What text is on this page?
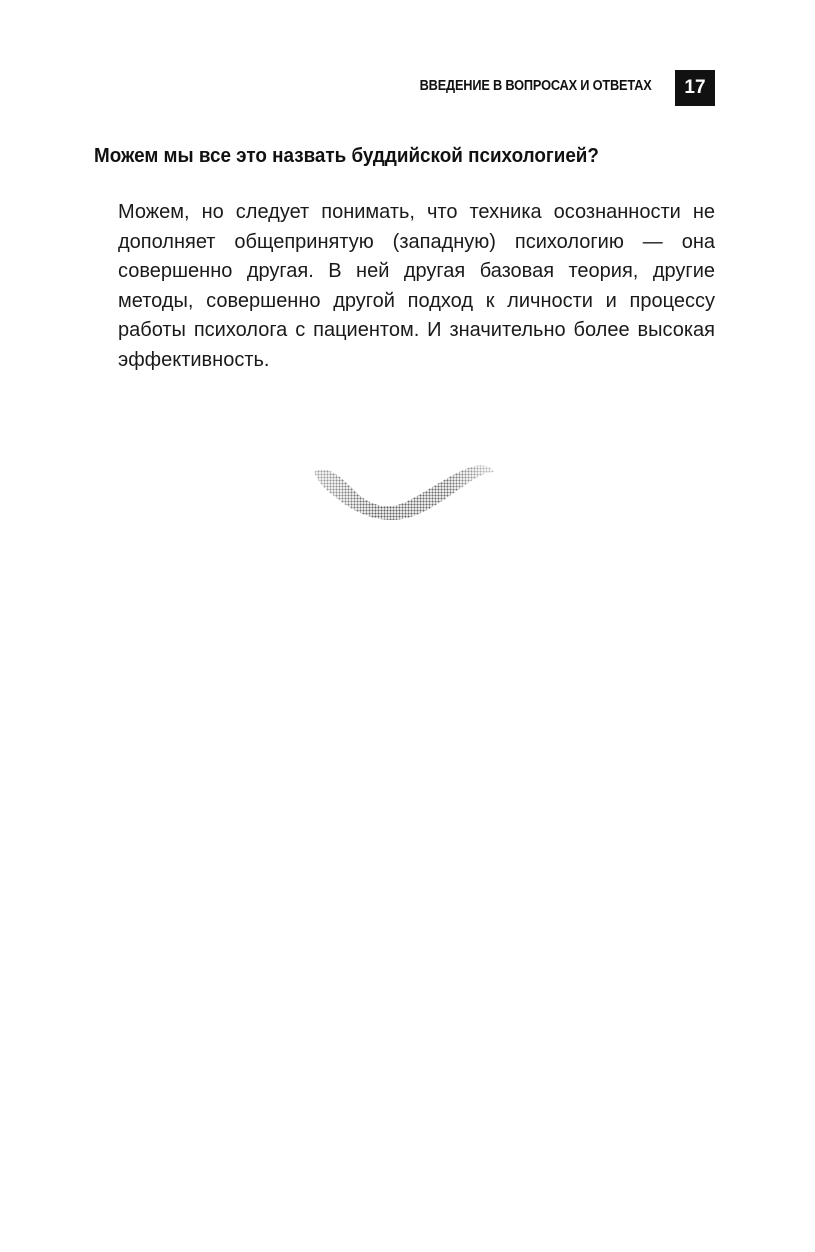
ВВЕДЕНИЕ В ВОПРОСАХ И ОТВЕТАХ	17
Можем мы все это назвать буддийской психологией?

Можем, но следует понимать, что техника осознанности не дополняет общепринятую (западную) психологию — она совершенно другая. В ней другая базовая теория, другие методы, совершенно другой подход к личности и процессу работы психолога с пациентом. И значительно более высокая эффективность.
